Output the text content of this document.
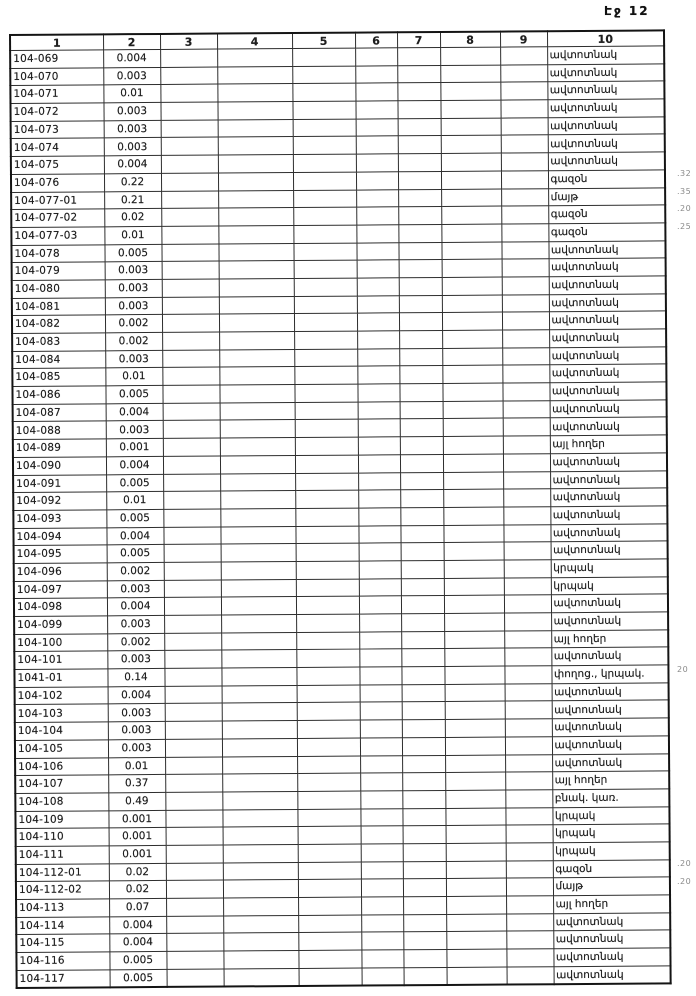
Էջ 12
1	2	3	4	5	6	7	8	9	10
104-069	0.004								ավտոտնակ
104-070	0.003								ավտոտնակ
104-071	0.01								ավտոտնակ
104-072	0.003								ավտոտնակ
104-073	0.003								ավտոտնակ
104-074	0.003								ավտոտնակ
104-075	0.004								ավտոտնակ
104-076	0.22								գազօն
104-077-01	0.21								մայթ
104-077-02	0.02								գազօն
104-077-03	0.01								գազօն
104-078	0.005								ավտոտնակ
104-079	0.003								ավտոտնակ
104-080	0.003								ավտոտնակ
104-081	0.003								ավտոտնակ
104-082	0.002								ավտոտնակ
104-083	0.002								ավտոտնակ
104-084	0.003								ավտոտնակ
104-085	0.01								ավտոտնակ
104-086	0.005								ավտոտնակ
104-087	0.004								ավտոտնակ
104-088	0.003								ավտոտնակ
104-089	0.001								այլ հողեր
104-090	0.004								ավտոտնակ
104-091	0.005								ավտոտնակ
104-092	0.01								ավտոտնակ
104-093	0.005								ավտոտնակ
104-094	0.004								ավտոտնակ
104-095	0.005								ավտոտնակ
104-096	0.002								կրպակ
104-097	0.003								կրպակ
104-098	0.004								ավտոտնակ
104-099	0.003								ավտոտնակ
104-100	0.002								այլ հողեր
104-101	0.003								ավտոտնակ
1041-01	0.14								փողոց., կրպակ.
104-102	0.004								ավտոտնակ
104-103	0.003								ավտոտնակ
104-104	0.003								ավտոտնակ
104-105	0.003								ավտոտնակ
104-106	0.01								ավտոտնակ
104-107	0.37								այլ հողեր
104-108	0.49								բնակ. կառ.
104-109	0.001								կրպակ
104-110	0.001								կրպակ
104-111	0.001								կրպակ
104-112-01	0.02								գազօն
104-112-02	0.02								մայթ
104-113	0.07								այլ հողեր
104-114	0.004								ավտոտնակ
104-115	0.004								ավտոտնակ
104-116	0.005								ավտոտնակ
104-117	0.005								ավտոտնակ
.32
.35
.20
.25
20
.20
.20
